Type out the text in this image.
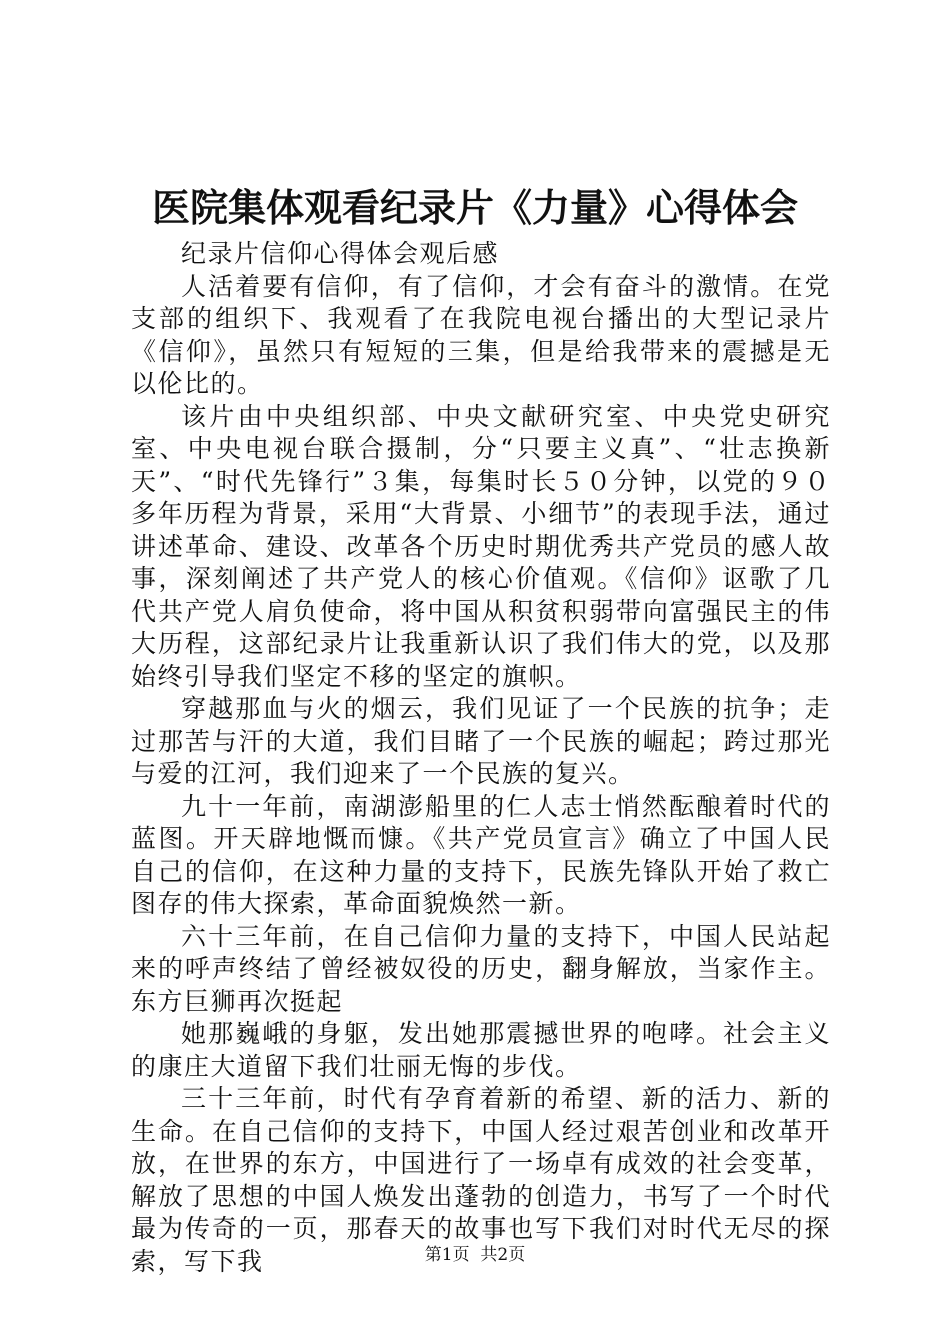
医院集体观看纪录片《力量》心得体会

纪录片信仰心得体会观后感

人活着要有信仰，有了信仰，才会有奋斗的激情。在党支部的组织下、我观看了在我院电视台播出的大型记录片《信仰》，虽然只有短短的三集，但是给我带来的震撼是无以伦比的。

该片由中央组织部、中央文献研究室、中央党史研究室、中央电视台联合摄制，分“只要主义真”、“壮志换新天”、“时代先锋行”３集，每集时长５０分钟，以党的９０多年历程为背景，采用“大背景、小细节”的表现手法，通过讲述革命、建设、改革各个历史时期优秀共产党员的感人故事，深刻阐述了共产党人的核心价值观。《信仰》讴歌了几代共产党人肩负使命，将中国从积贫积弱带向富强民主的伟大历程，这部纪录片让我重新认识了我们伟大的党，以及那始终引导我们坚定不移的坚定的旗帜。

穿越那血与火的烟云，我们见证了一个民族的抗争；走过那苦与汗的大道，我们目睹了一个民族的崛起；跨过那光与爱的江河，我们迎来了一个民族的复兴。

九十一年前，南湖澎船里的仁人志士悄然酝酿着时代的蓝图。开天辟地慨而慷。《共产党员宣言》确立了中国人民自己的信仰，在这种力量的支持下，民族先锋队开始了救亡图存的伟大探索，革命面貌焕然一新。

六十三年前，在自己信仰力量的支持下，中国人民站起来的呼声终结了曾经被奴役的历史，翻身解放，当家作主。东方巨狮再次挺起

她那巍峨的身躯，发出她那震撼世界的咆哮。社会主义的康庄大道留下我们壮丽无悔的步伐。

三十三年前，时代有孕育着新的希望、新的活力、新的生命。在自己信仰的支持下，中国人经过艰苦创业和改革开放，在世界的东方，中国进行了一场卓有成效的社会变革，解放了思想的中国人焕发出蓬勃的创造力，书写了一个时代最为传奇的一页，那春天的故事也写下我们对时代无尽的探索，写下我	第1页  共2页
